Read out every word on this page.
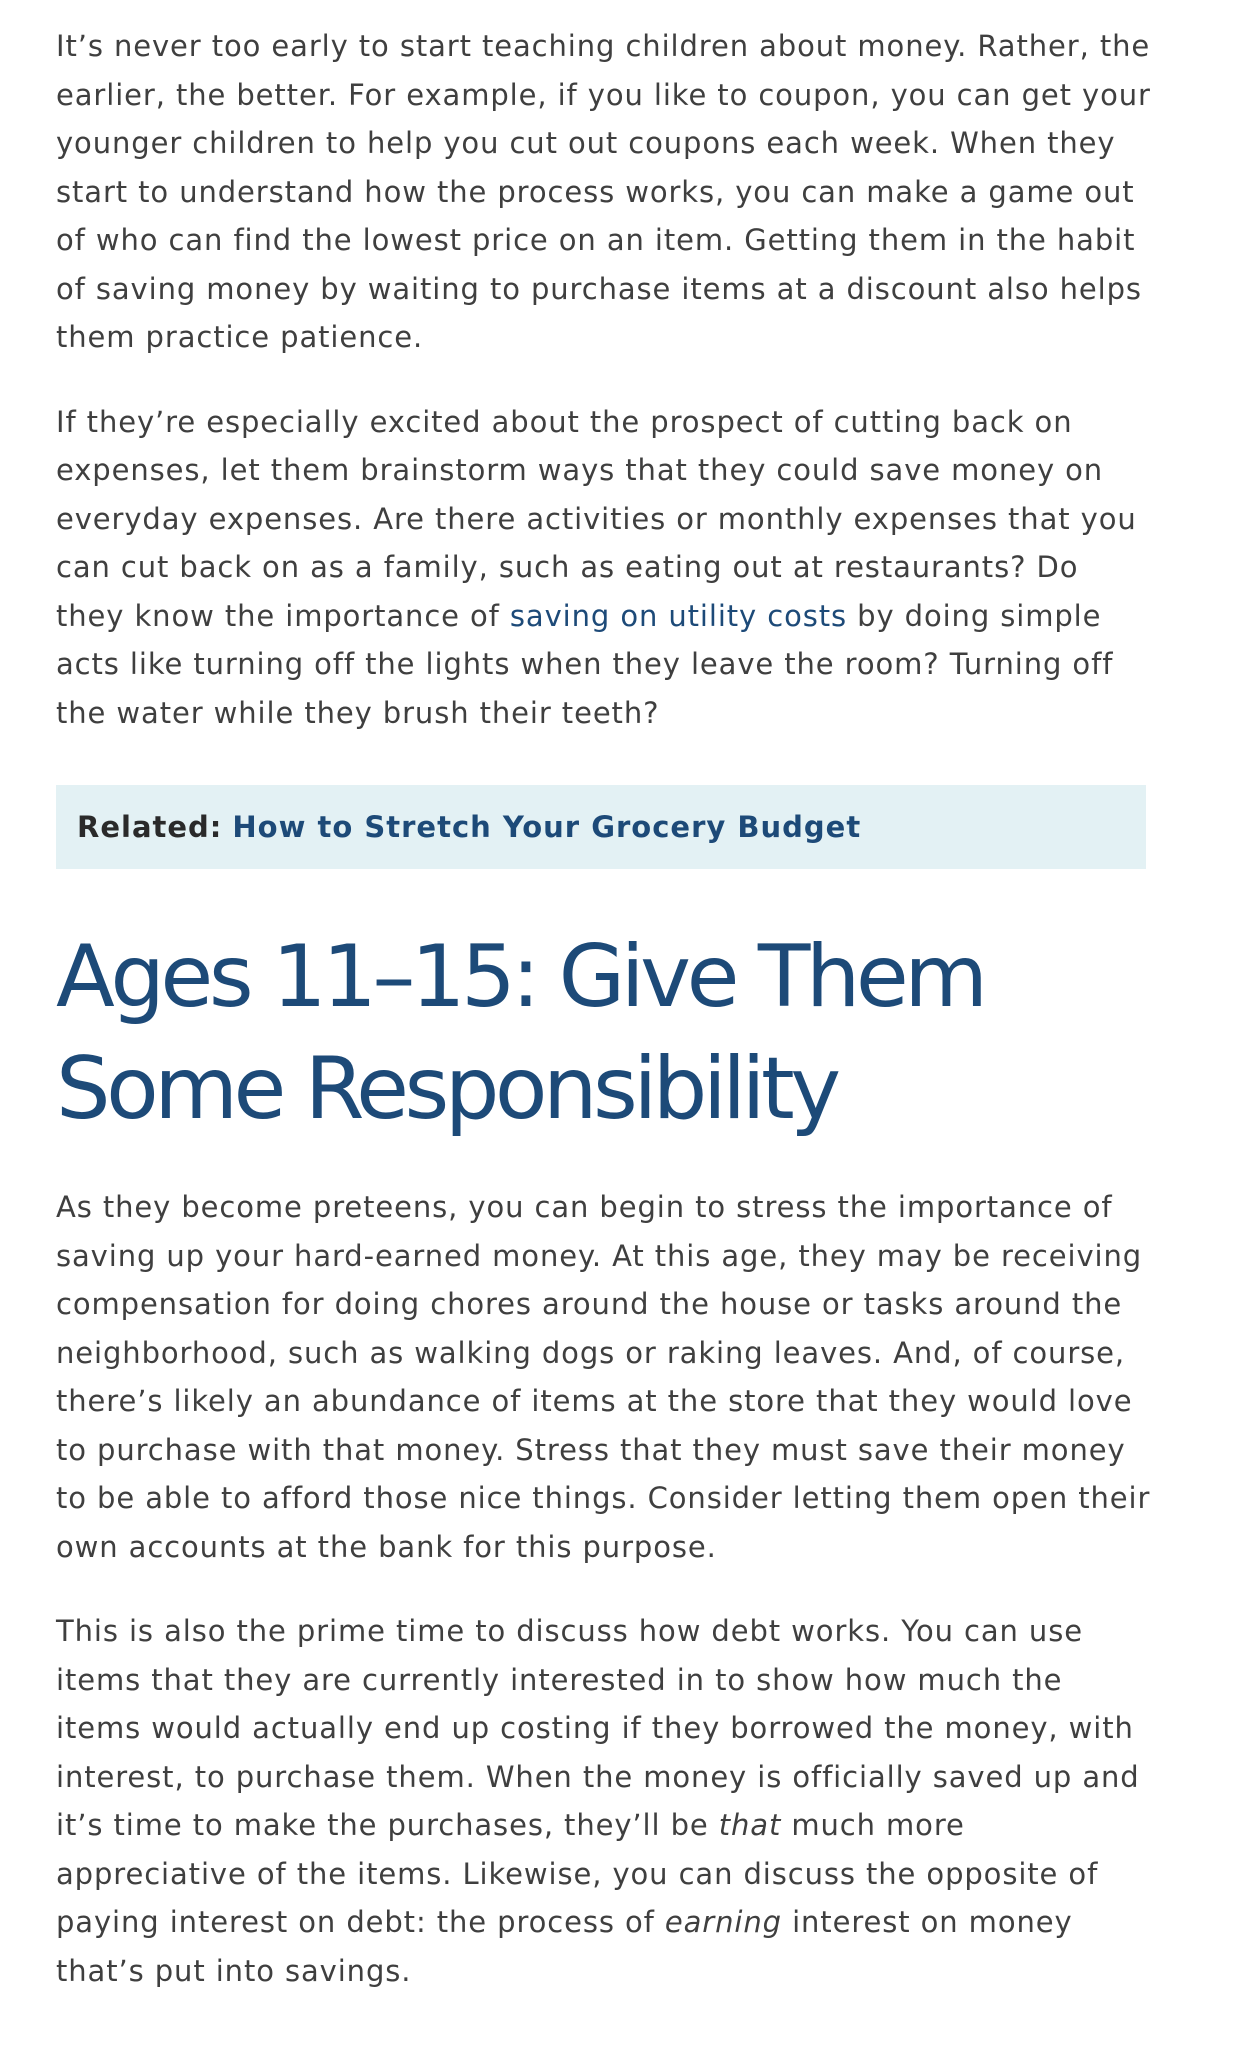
It’s never too early to start teaching children about money. Rather, the earlier, the better. For example, if you like to coupon, you can get your younger children to help you cut out coupons each week. When they start to understand how the process works, you can make a game out of who can find the lowest price on an item. Getting them in the habit of saving money by waiting to purchase items at a discount also helps them practice patience.

If they’re especially excited about the prospect of cutting back on expenses, let them brainstorm ways that they could save money on everyday expenses. Are there activities or monthly expenses that you can cut back on as a family, such as eating out at restaurants? Do they know the importance of saving on utility costs by doing simple acts like turning off the lights when they leave the room? Turning off the water while they brush their teeth?

Related: How to Stretch Your Grocery Budget
Ages 11–15: Give Them Some Responsibility

As they become preteens, you can begin to stress the importance of saving up your hard-earned money. At this age, they may be receiving compensation for doing chores around the house or tasks around the neighborhood, such as walking dogs or raking leaves. And, of course, there’s likely an abundance of items at the store that they would love to purchase with that money. Stress that they must save their money to be able to afford those nice things. Consider letting them open their own accounts at the bank for this purpose.

This is also the prime time to discuss how debt works. You can use items that they are currently interested in to show how much the items would actually end up costing if they borrowed the money, with interest, to purchase them. When the money is officially saved up and it’s time to make the purchases, they’ll be that much more appreciative of the items. Likewise, you can discuss the opposite of paying interest on debt: the process of earning interest on money that’s put into savings.
